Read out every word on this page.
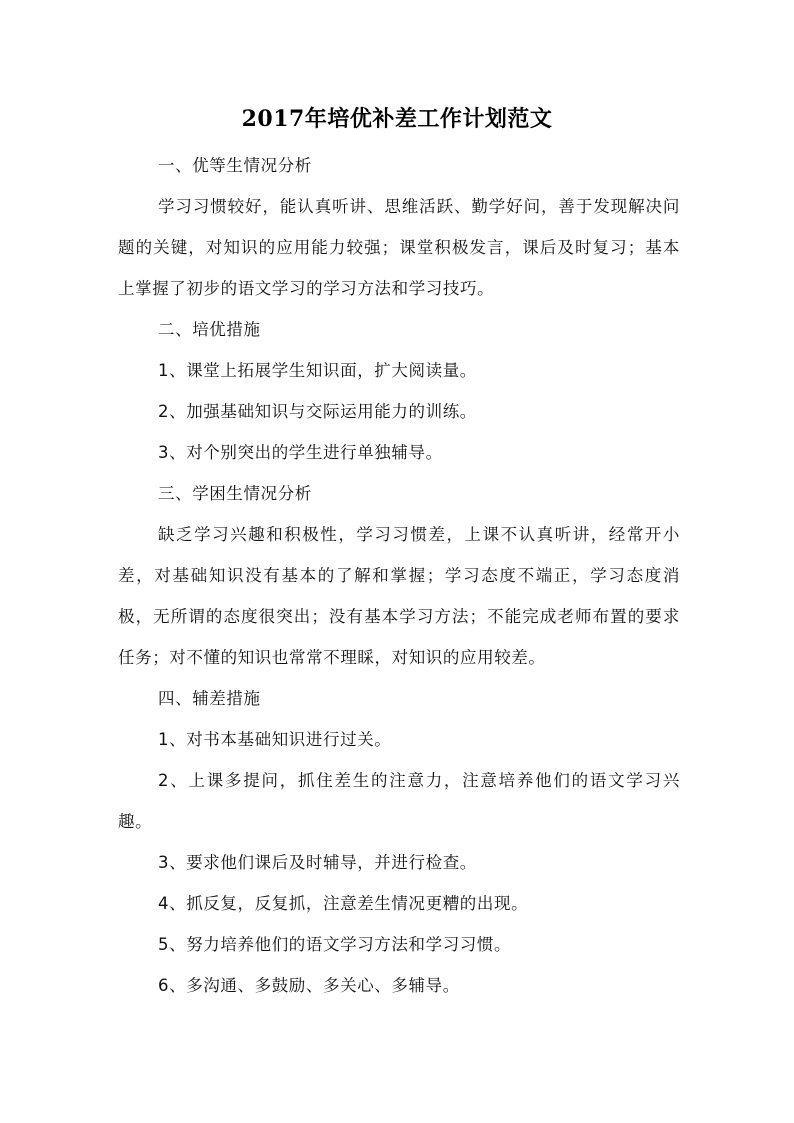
2017年培优补差工作计划范文

一、优等生情况分析

学习习惯较好，能认真听讲、思维活跃、勤学好问，善于发现解决问题的关键，对知识的应用能力较强；课堂积极发言，课后及时复习；基本上掌握了初步的语文学习的学习方法和学习技巧。

二、培优措施

1、课堂上拓展学生知识面，扩大阅读量。

2、加强基础知识与交际运用能力的训练。

3、对个别突出的学生进行单独辅导。

三、学困生情况分析

缺乏学习兴趣和积极性，学习习惯差，上课不认真听讲，经常开小差，对基础知识没有基本的了解和掌握；学习态度不端正，学习态度消极，无所谓的态度很突出；没有基本学习方法；不能完成老师布置的要求任务；对不懂的知识也常常不理睬，对知识的应用较差。

四、辅差措施

1、对书本基础知识进行过关。

2、上课多提问，抓住差生的注意力，注意培养他们的语文学习兴趣。

3、要求他们课后及时辅导，并进行检查。

4、抓反复，反复抓，注意差生情况更糟的出现。

5、努力培养他们的语文学习方法和学习习惯。

6、多沟通、多鼓励、多关心、多辅导。
